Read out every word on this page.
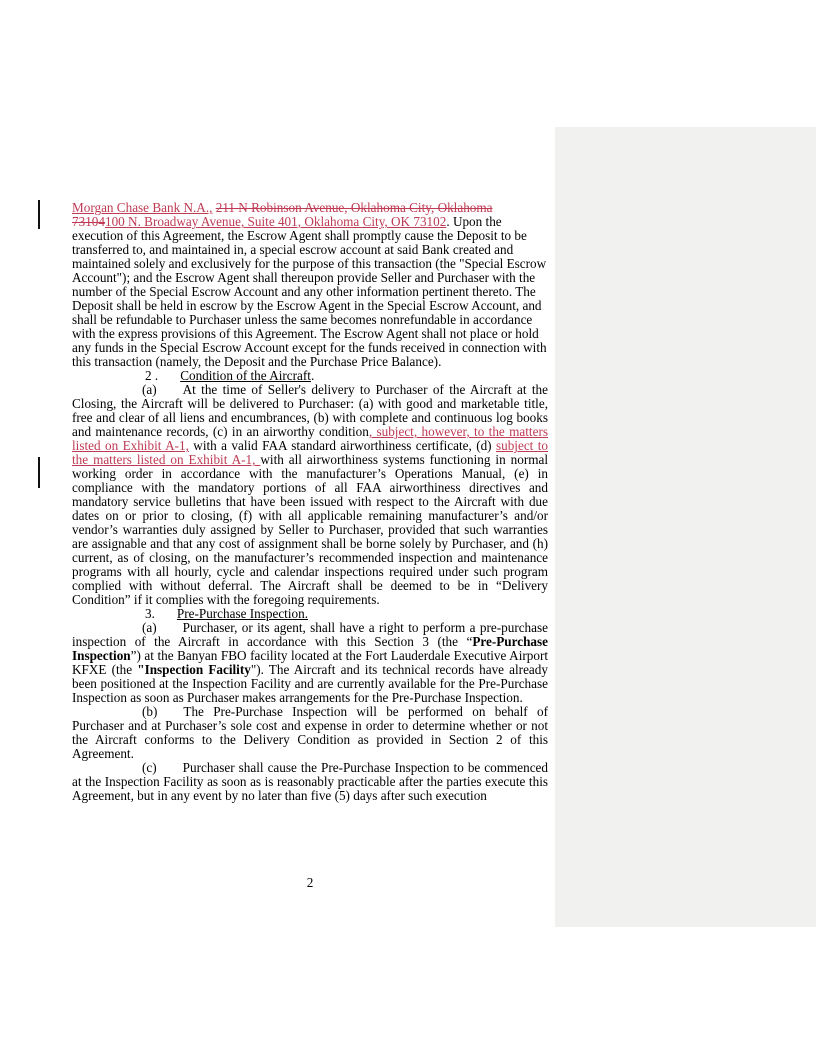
Morgan Chase Bank N.A., 211 N Robinson Avenue, Oklahoma City, Oklahoma 73104100 N. Broadway Avenue, Suite 401, Oklahoma City, OK 73102. Upon the execution of this Agreement, the Escrow Agent shall promptly cause the Deposit to be transferred to, and maintained in, a special escrow account at said Bank created and maintained solely and exclusively for the purpose of this transaction (the "Special Escrow Account"); and the Escrow Agent shall thereupon provide Seller and Purchaser with the number of the Special Escrow Account and any other information pertinent thereto. The Deposit shall be held in escrow by the Escrow Agent in the Special Escrow Account, and shall be refundable to Purchaser unless the same becomes nonrefundable in accordance with the express provisions of this Agreement. The Escrow Agent shall not place or hold any funds in the Special Escrow Account except for the funds received in connection with this transaction (namely, the Deposit and the Purchase Price Balance).

2 . Condition of the Aircraft.

(a) At the time of Seller's delivery to Purchaser of the Aircraft at the Closing, the Aircraft will be delivered to Purchaser: (a) with good and marketable title, free and clear of all liens and encumbrances, (b) with complete and continuous log books and maintenance records, (c) in an airworthy condition, subject, however, to the matters listed on Exhibit A-1, with a valid FAA standard airworthiness certificate, (d) subject to the matters listed on Exhibit A-1, with all airworthiness systems functioning in normal working order in accordance with the manufacturer’s Operations Manual, (e) in compliance with the mandatory portions of all FAA airworthiness directives and mandatory service bulletins that have been issued with respect to the Aircraft with due dates on or prior to closing, (f) with all applicable remaining manufacturer’s and/or vendor’s warranties duly assigned by Seller to Purchaser, provided that such warranties are assignable and that any cost of assignment shall be borne solely by Purchaser, and (h) current, as of closing, on the manufacturer’s recommended inspection and maintenance programs with all hourly, cycle and calendar inspections required under such program complied with without deferral. The Aircraft shall be deemed to be in “Delivery Condition” if it complies with the foregoing requirements.

3. Pre-Purchase Inspection.

(a) Purchaser, or its agent, shall have a right to perform a pre-purchase inspection of the Aircraft in accordance with this Section 3 (the “Pre-Purchase Inspection”) at the Banyan FBO facility located at the Fort Lauderdale Executive Airport KFXE (the "Inspection Facility"). The Aircraft and its technical records have already been positioned at the Inspection Facility and are currently available for the Pre-Purchase Inspection as soon as Purchaser makes arrangements for the Pre-Purchase Inspection.

(b) The Pre-Purchase Inspection will be performed on behalf of Purchaser and at Purchaser’s sole cost and expense in order to determine whether or not the Aircraft conforms to the Delivery Condition as provided in Section 2 of this Agreement.

(c) Purchaser shall cause the Pre-Purchase Inspection to be commenced at the Inspection Facility as soon as is reasonably practicable after the parties execute this Agreement, but in any event by no later than five (5) days after such execution

2
